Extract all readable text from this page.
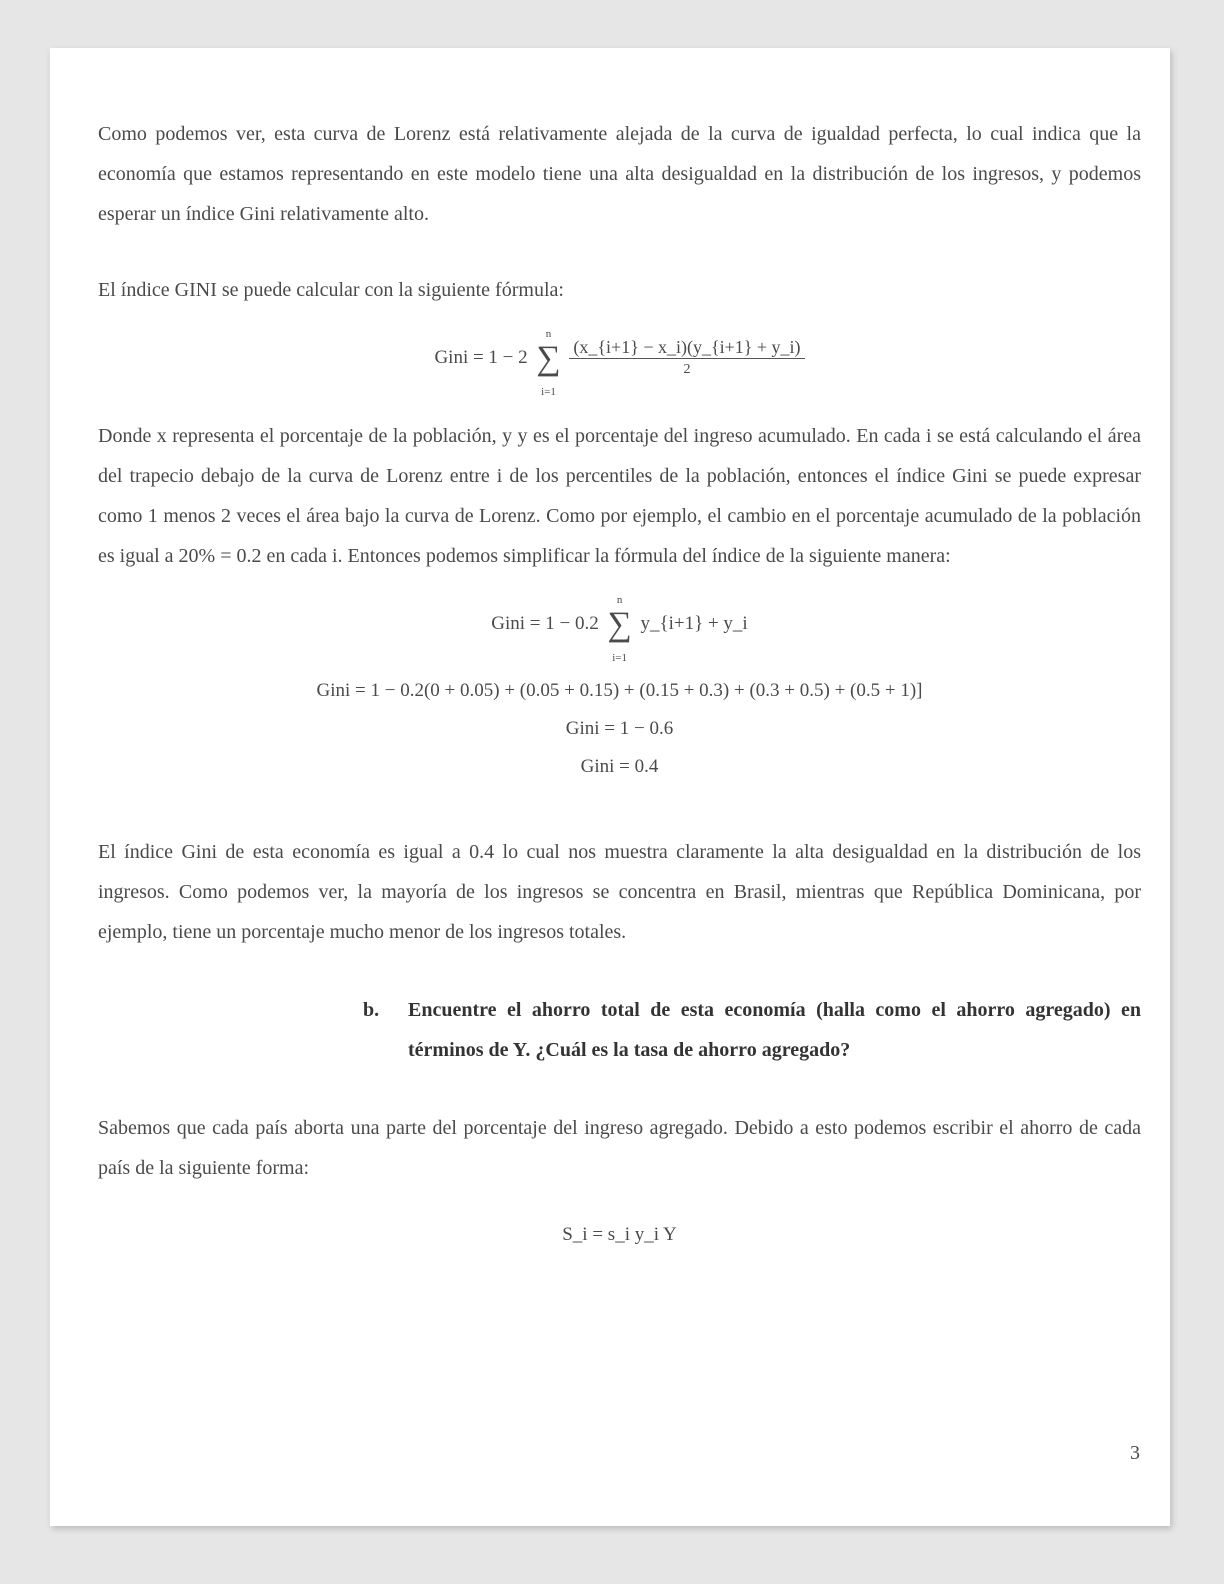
Como podemos ver, esta curva de Lorenz está relativamente alejada de la curva de igualdad perfecta, lo cual indica que la economía que estamos representando en este modelo tiene una alta desigualdad en la distribución de los ingresos, y podemos esperar un índice Gini relativamente alto.

El índice GINI se puede calcular con la siguiente fórmula:

Gini = 1 − 2 ∑
n
i=1

$\frac{(x\_\{i+1\} - x\_i)(y\_\{i+1\} + y\_i)}{2}$

Donde x representa el porcentaje de la población, y y es el porcentaje del ingreso acumulado. En cada i se está calculando el área del trapecio debajo de la curva de Lorenz entre i de los percentiles de la población, entonces el índice Gini se puede expresar como 1 menos 2 veces el área bajo la curva de Lorenz. Como por ejemplo, el cambio en el porcentaje acumulado de la población es igual a 20% = 0.2 en cada i. Entonces podemos simplificar la fórmula del índice de la siguiente manera:

Gini = 1 − 0.2 ∑
n
i=1
y_{i+1} + y_i
Gini = 1 − 0.2(0 + 0.05) + (0.05 + 0.15) + (0.15 + 0.3) + (0.3 + 0.5) + (0.5 + 1)]
Gini = 1 − 0.6
Gini = 0.4

El índice Gini de esta economía es igual a 0.4 lo cual nos muestra claramente la alta desigualdad en la distribución de los ingresos. Como podemos ver, la mayoría de los ingresos se concentra en Brasil, mientras que República Dominicana, por ejemplo, tiene un porcentaje mucho menor de los ingresos totales.

b. Encuentre el ahorro total de esta economía (halla como el ahorro agregado) en términos de Y. ¿Cuál es la tasa de ahorro agregado?

Sabemos que cada país aborta una parte del porcentaje del ingreso agregado. Debido a esto podemos escribir el ahorro de cada país de la siguiente forma:

S_i = s_i y_i Y
3
